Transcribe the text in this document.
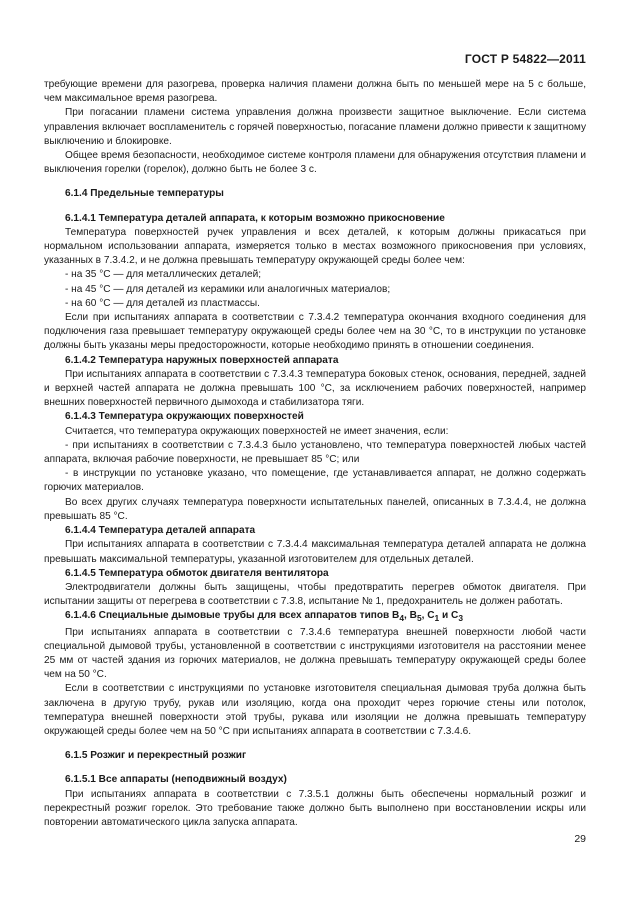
ГОСТ Р 54822—2011

требующие времени для разогрева, проверка наличия пламени должна быть по меньшей мере на 5 с больше, чем максимальное время разогрева.

При погасании пламени система управления должна произвести защитное выключение. Если система управления включает воспламенитель с горячей поверхностью, погасание пламени должно привести к защитному выключению и блокировке.

Общее время безопасности, необходимое системе контроля пламени для обнаружения отсутствия пламени и выключения горелки (горелок), должно быть не более 3 с.

6.1.4 Предельные температуры

6.1.4.1 Температура деталей аппарата, к которым возможно прикосновение

Температура поверхностей ручек управления и всех деталей, к которым должны прикасаться при нормальном использовании аппарата, измеряется только в местах возможного прикосновения при условиях, указанных в 7.3.4.2, и не должна превышать температуру окружающей среды более чем:

- на 35 °С — для металлических деталей;

- на 45 °С — для деталей из керамики или аналогичных материалов;

- на 60 °С — для деталей из пластмассы.

Если при испытаниях аппарата в соответствии с 7.3.4.2 температура окончания входного соединения для подключения газа превышает температуру окружающей среды более чем на 30 °С, то в инструкции по установке должны быть указаны меры предосторожности, которые необходимо принять в отношении соединения.

6.1.4.2 Температура наружных поверхностей аппарата

При испытаниях аппарата в соответствии с 7.3.4.3 температура боковых стенок, основания, передней, задней и верхней частей аппарата не должна превышать 100 °С, за исключением рабочих поверхностей, например внешних поверхностей первичного дымохода и стабилизатора тяги.

6.1.4.3 Температура окружающих поверхностей

Считается, что температура окружающих поверхностей не имеет значения, если:

- при испытаниях в соответствии с 7.3.4.3 было установлено, что температура поверхностей любых частей аппарата, включая рабочие поверхности, не превышает 85 °С; или

- в инструкции по установке указано, что помещение, где устанавливается аппарат, не должно содержать горючих материалов.

Во всех других случаях температура поверхности испытательных панелей, описанных в 7.3.4.4, не должна превышать 85 °С.

6.1.4.4 Температура деталей аппарата

При испытаниях аппарата в соответствии с 7.3.4.4 максимальная температура деталей аппарата не должна превышать максимальной температуры, указанной изготовителем для отдельных деталей.

6.1.4.5 Температура обмоток двигателя вентилятора

Электродвигатели должны быть защищены, чтобы предотвратить перегрев обмоток двигателя. При испытании защиты от перегрева в соответствии с 7.3.8, испытание № 1, предохранитель не должен работать.

6.1.4.6 Специальные дымовые трубы для всех аппаратов типов $B_4$, $B_5$, $C_1$ и $C_3$

При испытаниях аппарата в соответствии с 7.3.4.6 температура внешней поверхности любой части специальной дымовой трубы, установленной в соответствии с инструкциями изготовителя на расстоянии менее 25 мм от частей здания из горючих материалов, не должна превышать температуру окружающей среды более чем на 50 °С.

Если в соответствии с инструкциями по установке изготовителя специальная дымовая труба должна быть заключена в другую трубу, рукав или изоляцию, когда она проходит через горючие стены или потолок, температура внешней поверхности этой трубы, рукава или изоляции не должна превышать температуру окружающей среды более чем на 50 °С при испытаниях аппарата в соответствии с 7.3.4.6.

6.1.5 Розжиг и перекрестный розжиг

6.1.5.1 Все аппараты (неподвижный воздух)

При испытаниях аппарата в соответствии с 7.3.5.1 должны быть обеспечены нормальный розжиг и перекрестный розжиг горелок. Это требование также должно быть выполнено при восстановлении искры или повторении автоматического цикла запуска аппарата.

29
